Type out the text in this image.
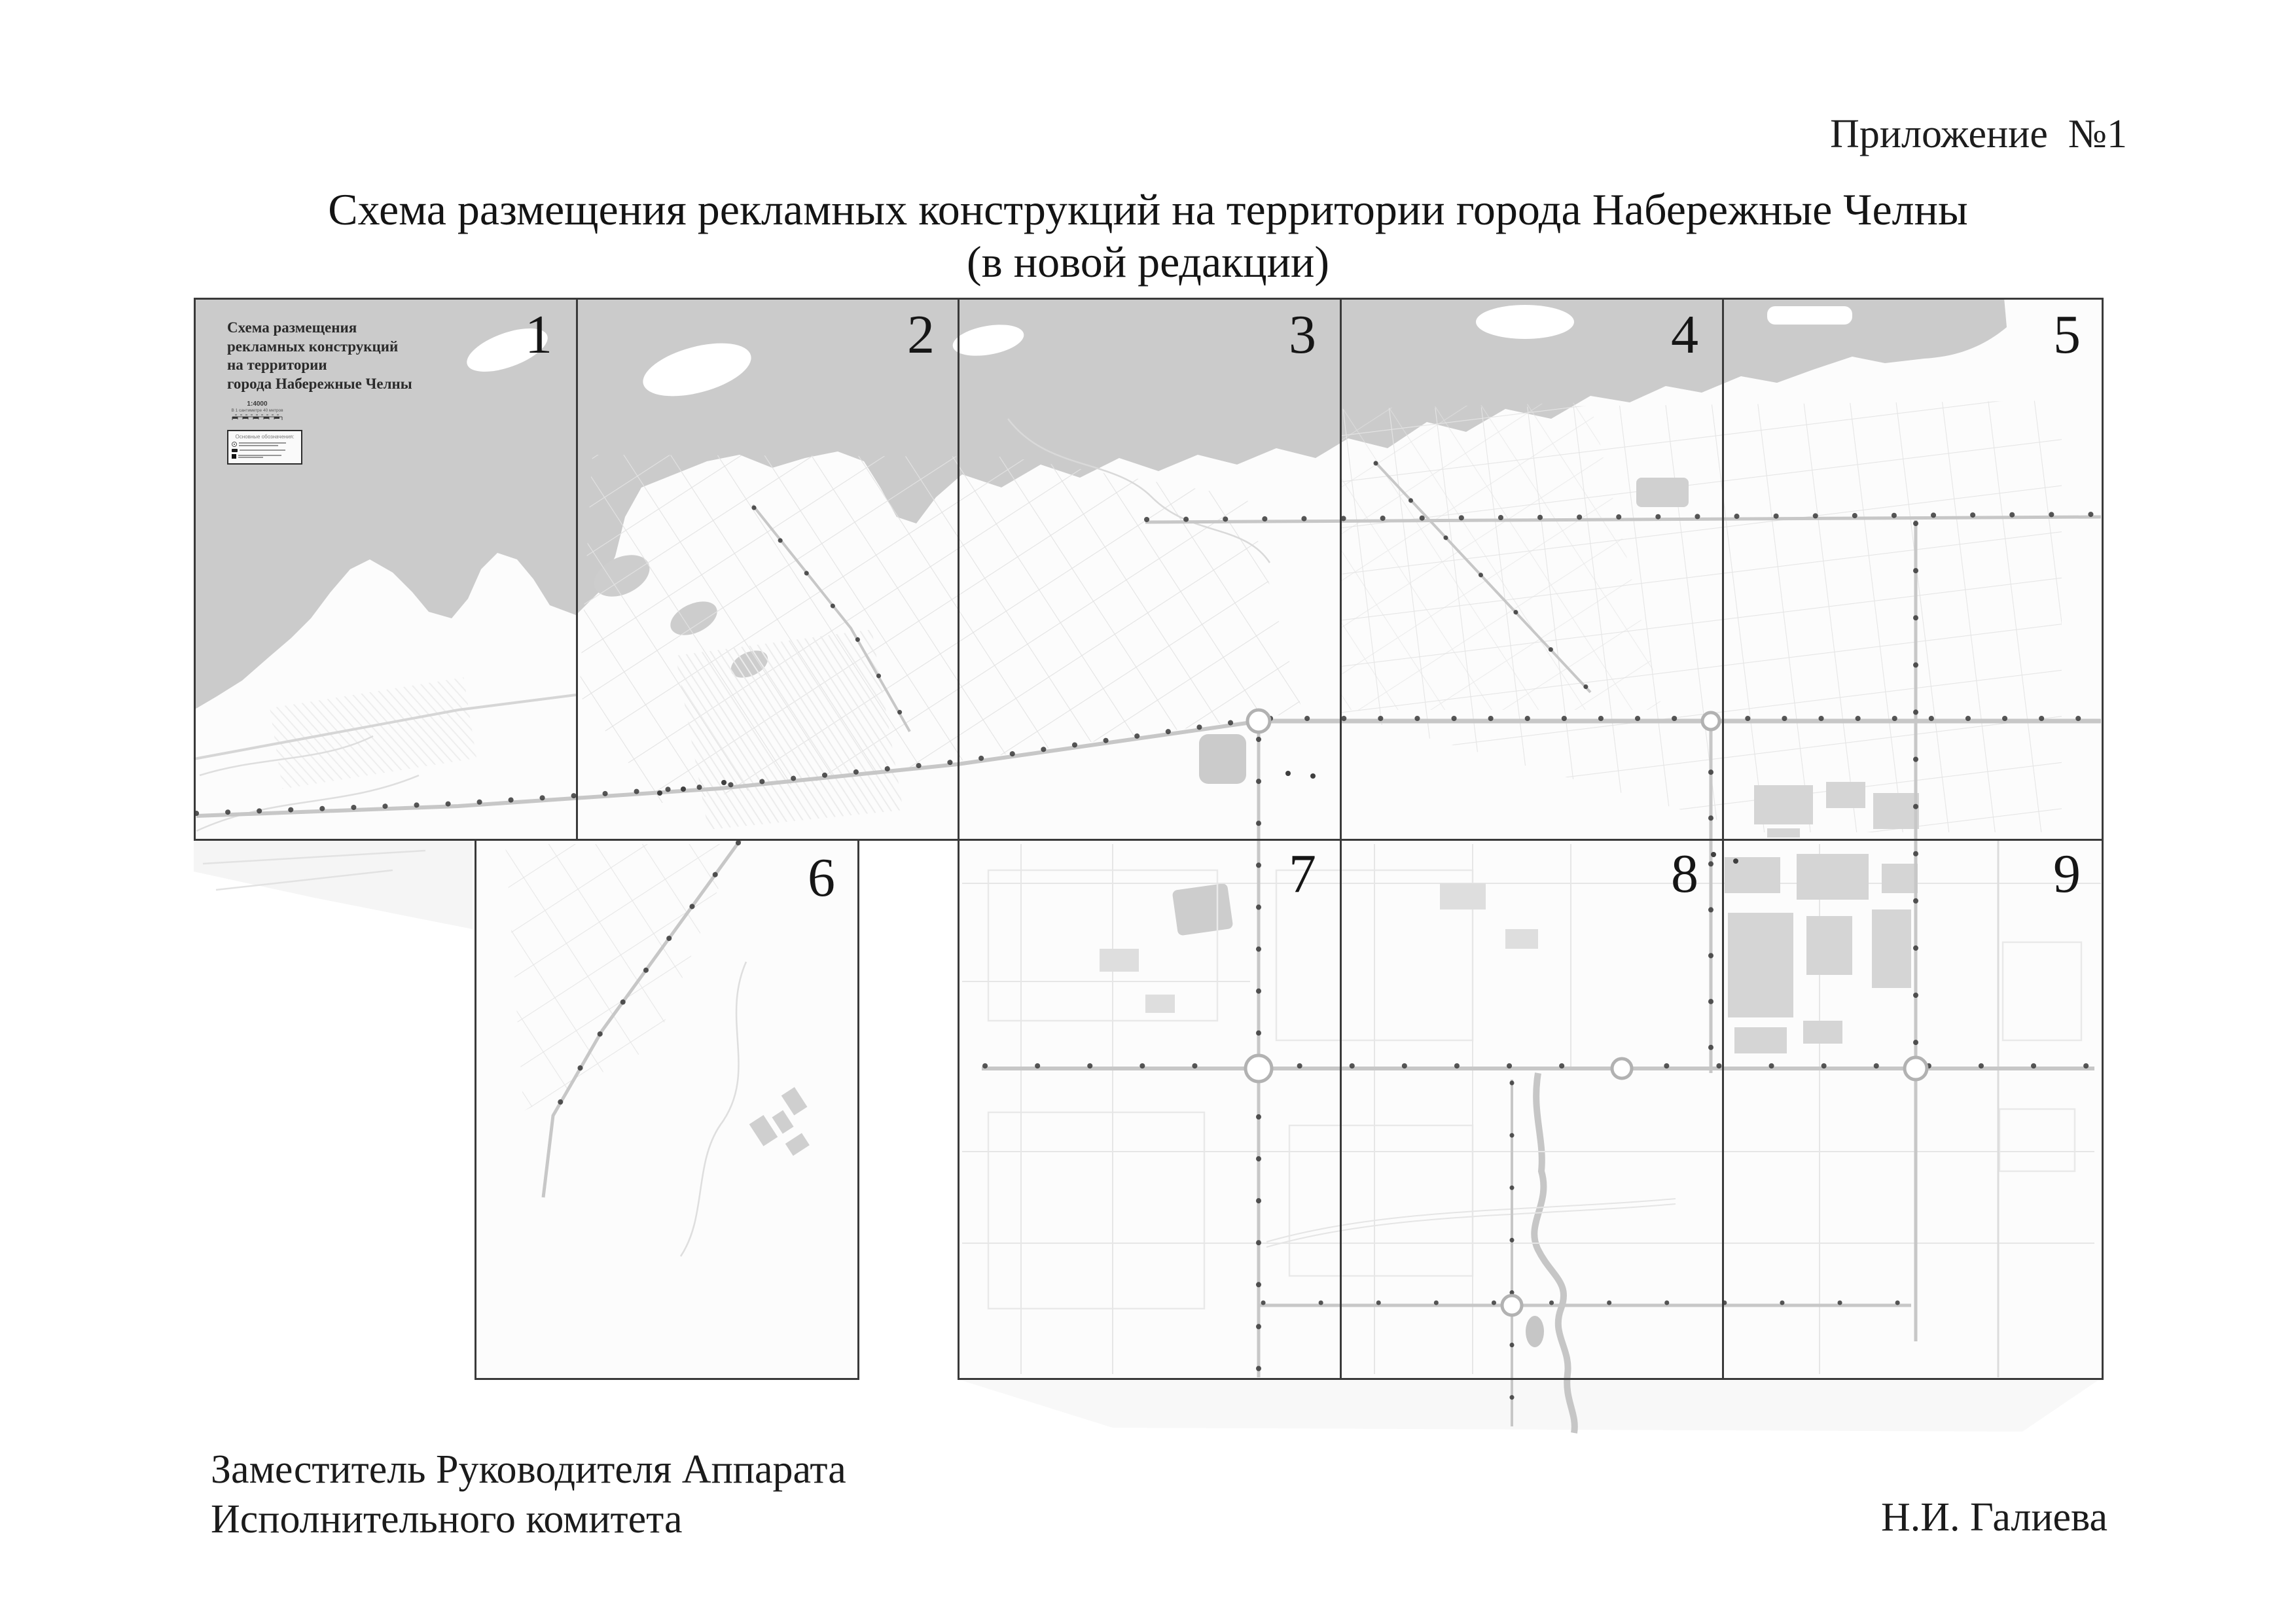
Приложение  №1
Схема размещения рекламных конструкций на территории города Набережные Челны
(в новой редакции)
1	2	3	4	5
6	7	8	9
Схема размещения
рекламных конструкций
на территории
города Набережные Челны
1:4000
В 1 сантиметре 40 метров
Основные обозначения:
Заместитель Руководителя Аппарата
Исполнительного комитета	Н.И. Галиева
